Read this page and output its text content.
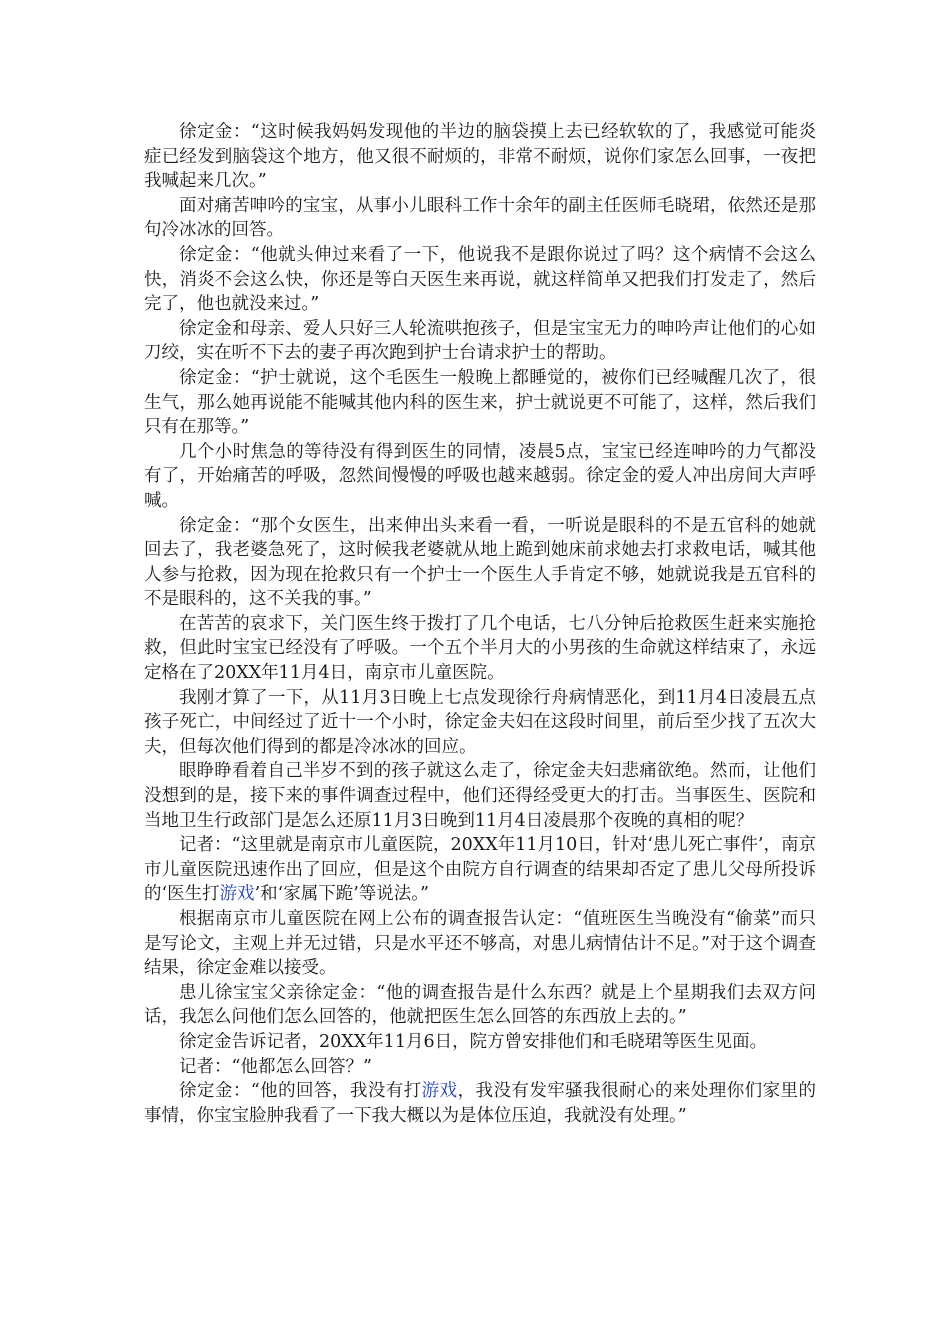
徐定金：“这时候我妈妈发现他的半边的脑袋摸上去已经软软的了，我感觉可能炎症已经发到脑袋这个地方，他又很不耐烦的，非常不耐烦，说你们家怎么回事，一夜把我喊起来几次。”

面对痛苦呻吟的宝宝，从事小儿眼科工作十余年的副主任医师毛晓珺，依然还是那句冷冰冰的回答。

徐定金：“他就头伸过来看了一下，他说我不是跟你说过了吗？这个病情不会这么快，消炎不会这么快，你还是等白天医生来再说，就这样简单又把我们打发走了，然后完了，他也就没来过。”

徐定金和母亲、爱人只好三人轮流哄抱孩子，但是宝宝无力的呻吟声让他们的心如刀绞，实在听不下去的妻子再次跑到护士台请求护士的帮助。

徐定金：“护士就说，这个毛医生一般晚上都睡觉的，被你们已经喊醒几次了，很生气，那么她再说能不能喊其他内科的医生来，护士就说更不可能了，这样，然后我们只有在那等。”

几个小时焦急的等待没有得到医生的同情，凌晨5点，宝宝已经连呻吟的力气都没有了，开始痛苦的呼吸，忽然间慢慢的呼吸也越来越弱。徐定金的爱人冲出房间大声呼喊。

徐定金：“那个女医生，出来伸出头来看一看，一听说是眼科的不是五官科的她就回去了，我老婆急死了，这时候我老婆就从地上跪到她床前求她去打求救电话，喊其他人参与抢救，因为现在抢救只有一个护士一个医生人手肯定不够，她就说我是五官科的不是眼科的，这不关我的事。”

在苦苦的哀求下，关门医生终于拨打了几个电话，七八分钟后抢救医生赶来实施抢救，但此时宝宝已经没有了呼吸。一个五个半月大的小男孩的生命就这样结束了，永远定格在了20XX年11月4日，南京市儿童医院。

我刚才算了一下，从11月3日晚上七点发现徐行舟病情恶化，到11月4日凌晨五点孩子死亡，中间经过了近十一个小时，徐定金夫妇在这段时间里，前后至少找了五次大夫，但每次他们得到的都是冷冰冰的回应。

眼睁睁看着自己半岁不到的孩子就这么走了，徐定金夫妇悲痛欲绝。然而，让他们没想到的是，接下来的事件调查过程中，他们还得经受更大的打击。当事医生、医院和当地卫生行政部门是怎么还原11月3日晚到11月4日凌晨那个夜晚的真相的呢？

记者：“这里就是南京市儿童医院，20XX年11月10日，针对‘患儿死亡事件’，南京市儿童医院迅速作出了回应，但是这个由院方自行调查的结果却否定了患儿父母所投诉的‘医生打游戏’和‘家属下跪’等说法。”

根据南京市儿童医院在网上公布的调查报告认定：“值班医生当晚没有“偷菜”而只是写论文，主观上并无过错，只是水平还不够高，对患儿病情估计不足。”对于这个调查结果，徐定金难以接受。

患儿徐宝宝父亲徐定金：“他的调查报告是什么东西？就是上个星期我们去双方问话，我怎么问他们怎么回答的，他就把医生怎么回答的东西放上去的。”

徐定金告诉记者，20XX年11月6日，院方曾安排他们和毛晓珺等医生见面。

记者：“他都怎么回答？”

徐定金：“他的回答，我没有打游戏，我没有发牢骚我很耐心的来处理你们家里的事情，你宝宝脸肿我看了一下我大概以为是体位压迫，我就没有处理。”
